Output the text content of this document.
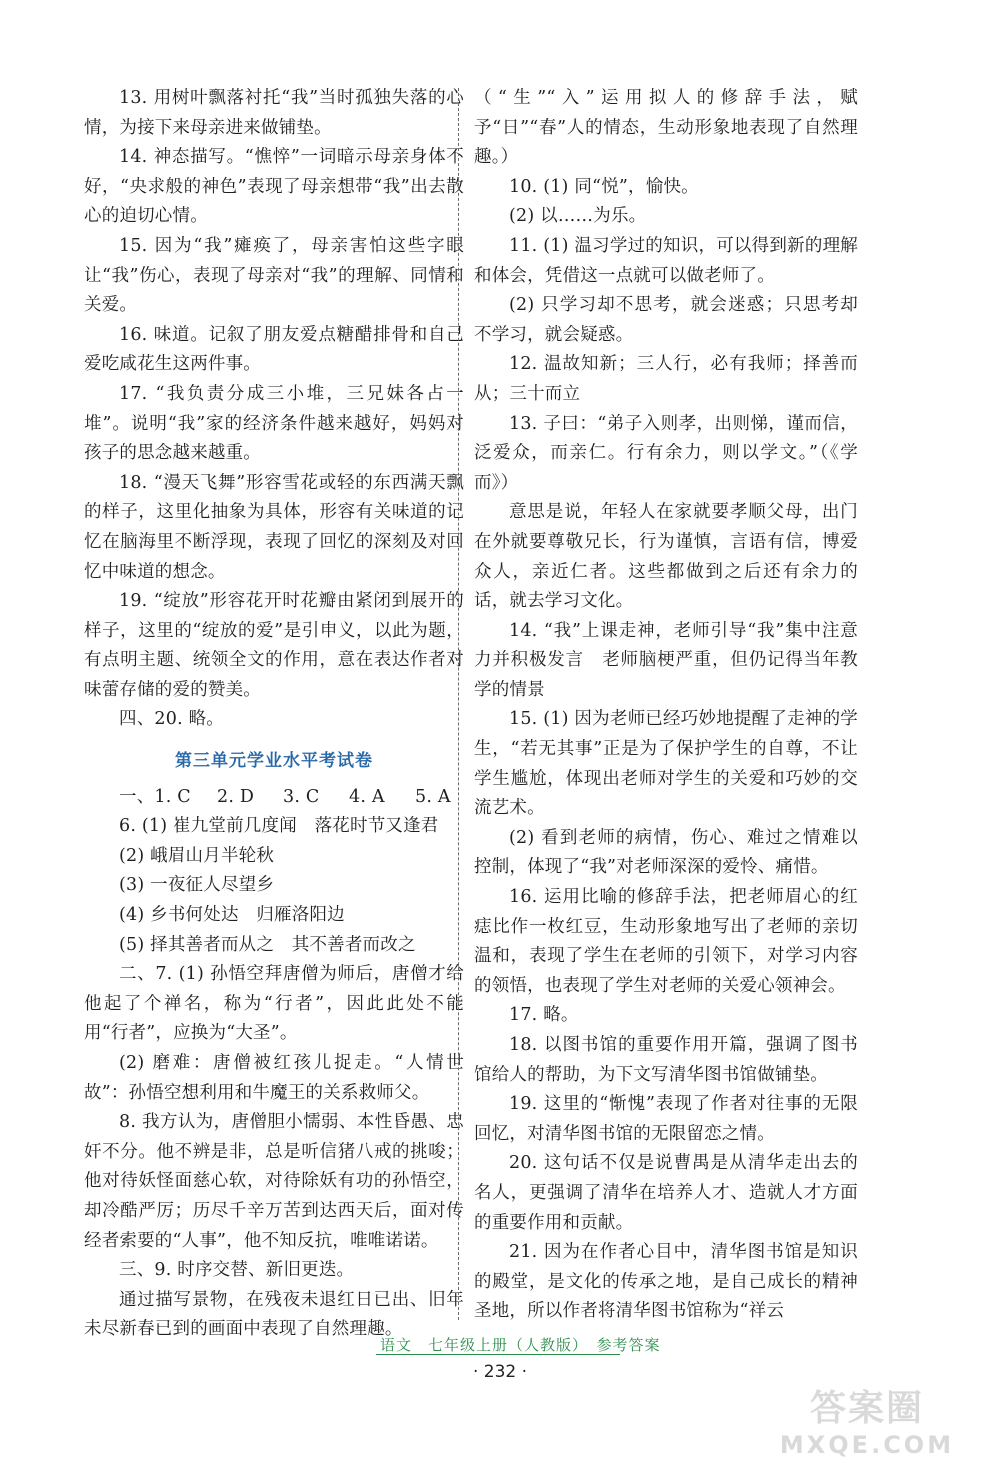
13. 用树叶飘落衬托“我”当时孤独失落的心情，为接下来母亲进来做铺垫。

14. 神态描写。“憔悴”一词暗示母亲身体不好，“央求般的神色”表现了母亲想带“我”出去散心的迫切心情。

15. 因为“我”瘫痪了，母亲害怕这些字眼让“我”伤心，表现了母亲对“我”的理解、同情和关爱。

16. 味道。记叙了朋友爱点糖醋排骨和自己爱吃咸花生这两件事。

17. “我负责分成三小堆，三兄妹各占一堆”。说明“我”家的经济条件越来越好，妈妈对孩子的思念越来越重。

18. “漫天飞舞”形容雪花或轻的东西满天飘的样子，这里化抽象为具体，形容有关味道的记忆在脑海里不断浮现，表现了回忆的深刻及对回忆中味道的想念。

19. “绽放”形容花开时花瓣由紧闭到展开的样子，这里的“绽放的爱”是引申义，以此为题，有点明主题、统领全文的作用，意在表达作者对味蕾存储的爱的赞美。

四、20. 略。

第三单元学业水平考试卷
一、1. C	2. D	3. C	4. A	5. A

6. (1) 崔九堂前几度闻　落花时节又逢君

(2) 峨眉山月半轮秋

(3) 一夜征人尽望乡

(4) 乡书何处达　归雁洛阳边

(5) 择其善者而从之　其不善者而改之

二、7. (1) 孙悟空拜唐僧为师后，唐僧才给他起了个禅名，称为“行者”，因此此处不能用“行者”，应换为“大圣”。

(2) 磨难：唐僧被红孩儿捉走。“人情世故”：孙悟空想利用和牛魔王的关系救师父。

8. 我方认为，唐僧胆小懦弱、本性昏愚、忠奸不分。他不辨是非，总是听信猪八戒的挑唆；他对待妖怪面慈心软，对待除妖有功的孙悟空，却冷酷严厉；历尽千辛万苦到达西天后，面对传经者索要的“人事”，他不知反抗，唯唯诺诺。

三、9. 时序交替、新旧更迭。

通过描写景物，在残夜未退红日已出、旧年未尽新春已到的画面中表现了自然理趣。

（“生”“入”运用拟人的修辞手法，赋予“日”“春”人的情态，生动形象地表现了自然理趣。）

10. (1) 同“悦”，愉快。

(2) 以……为乐。

11. (1) 温习学过的知识，可以得到新的理解和体会，凭借这一点就可以做老师了。

(2) 只学习却不思考，就会迷惑；只思考却不学习，就会疑惑。

12. 温故知新；三人行，必有我师；择善而从；三十而立

13. 子曰：“弟子入则孝，出则悌，谨而信，泛爱众，而亲仁。行有余力，则以学文。”（《学而》）

意思是说，年轻人在家就要孝顺父母，出门在外就要尊敬兄长，行为谨慎，言语有信，博爱众人，亲近仁者。这些都做到之后还有余力的话，就去学习文化。

14. “我”上课走神，老师引导“我”集中注意力并积极发言　老师脑梗严重，但仍记得当年教学的情景

15. (1) 因为老师已经巧妙地提醒了走神的学生，“若无其事”正是为了保护学生的自尊，不让学生尴尬，体现出老师对学生的关爱和巧妙的交流艺术。

(2) 看到老师的病情，伤心、难过之情难以控制，体现了“我”对老师深深的爱怜、痛惜。

16. 运用比喻的修辞手法，把老师眉心的红痣比作一枚红豆，生动形象地写出了老师的亲切温和，表现了学生在老师的引领下，对学习内容的领悟，也表现了学生对老师的关爱心领神会。

17. 略。

18. 以图书馆的重要作用开篇，强调了图书馆给人的帮助，为下文写清华图书馆做铺垫。

19. 这里的“惭愧”表现了作者对往事的无限回忆，对清华图书馆的无限留恋之情。

20. 这句话不仅是说曹禺是从清华走出去的名人，更强调了清华在培养人才、造就人才方面的重要作用和贡献。

21. 因为在作者心目中，清华图书馆是知识的殿堂，是文化的传承之地，是自己成长的精神圣地，所以作者将清华图书馆称为“祥云

语文　七年级上册（人教版）　参考答案
· 232 ·
答案圈
MXQE.COM
